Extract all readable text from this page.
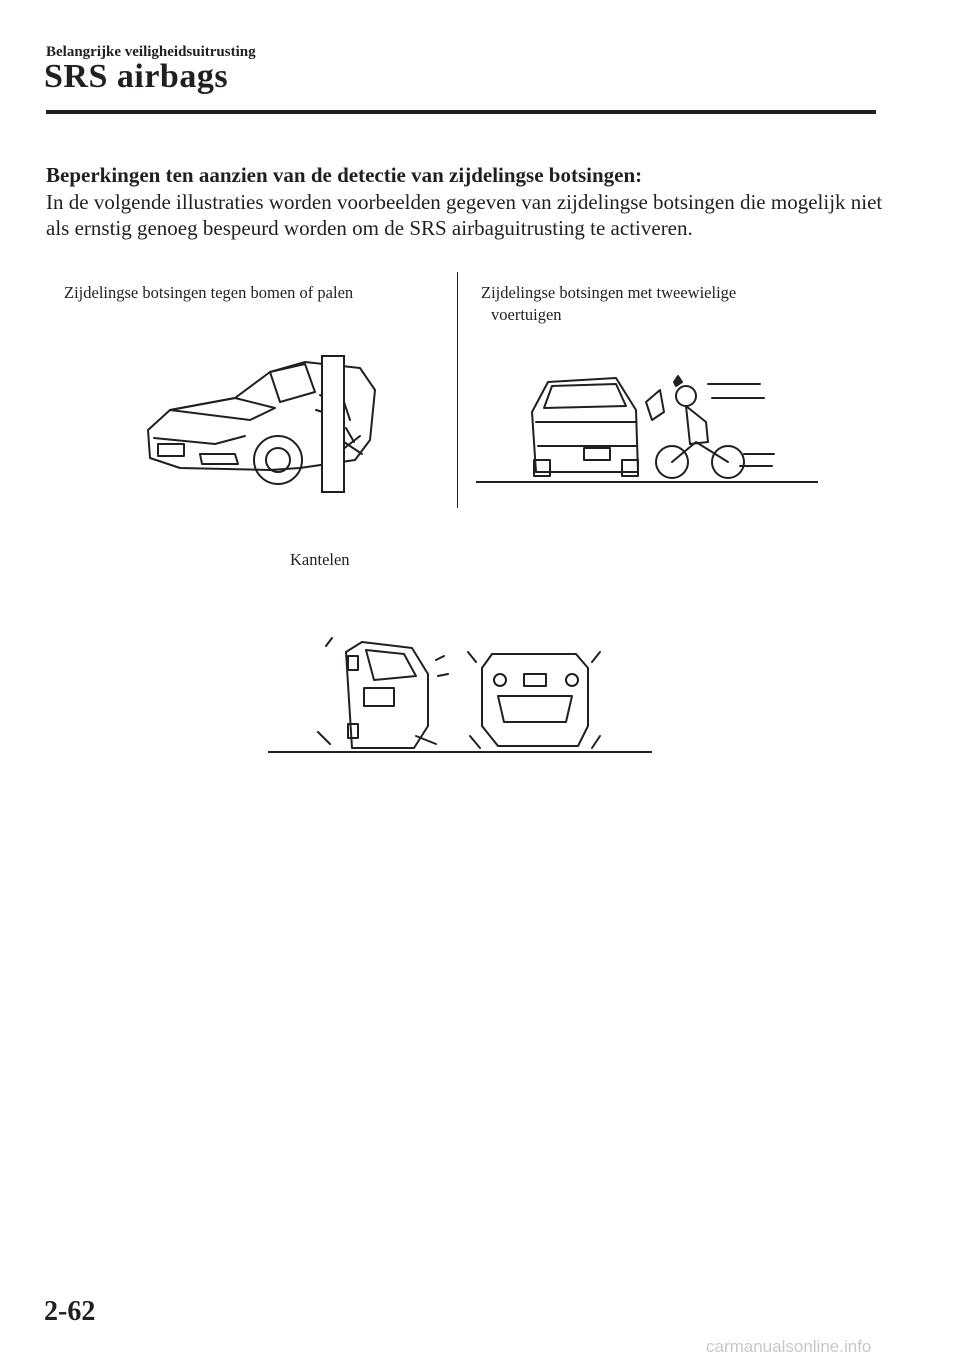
Belangrijke veiligheidsuitrusting
SRS airbags
Beperkingen ten aanzien van de detectie van zijdelingse botsingen:
In de volgende illustraties worden voorbeelden gegeven van zijdelingse botsingen die mogelijk niet als ernstig genoeg bespeurd worden om de SRS airbaguitrusting te activeren.
Zijdelingse botsingen tegen bomen of palen	Zijdelingse botsingen met tweewielige
voertuigen
Kantelen
2-62
carmanualsonline.info
